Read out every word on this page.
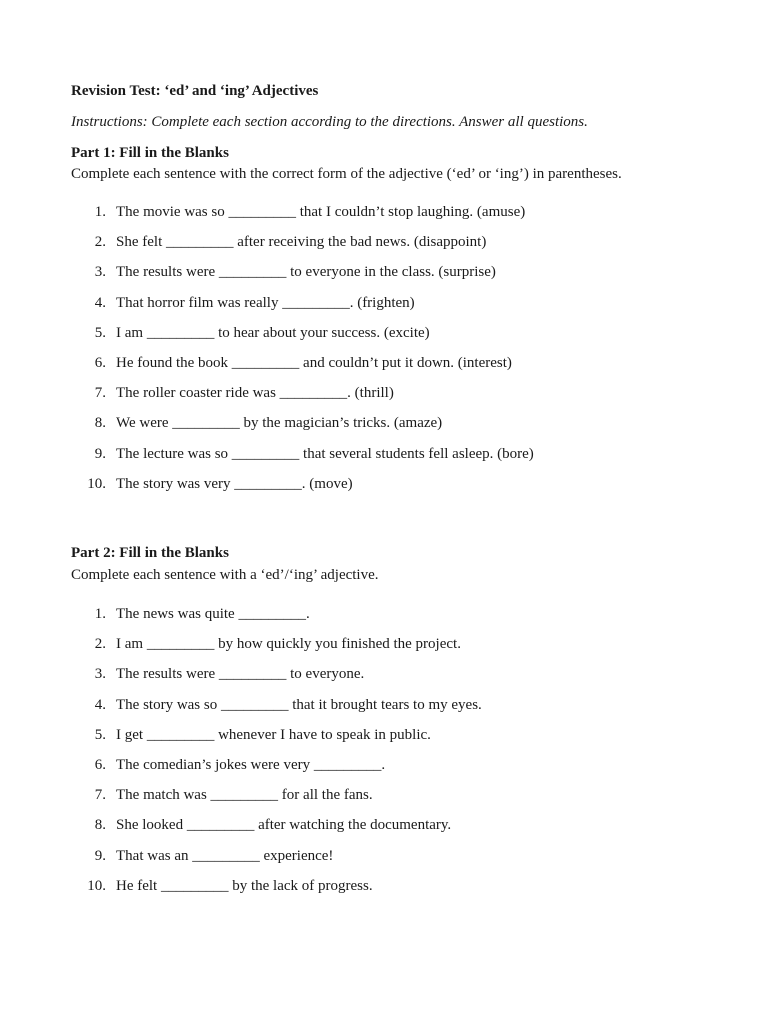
Revision Test: ‘ed’ and ‘ing’ Adjectives

Instructions: Complete each section according to the directions. Answer all questions.

Part 1: Fill in the Blanks

Complete each sentence with the correct form of the adjective (‘ed’ or ‘ing’) in parentheses.

1. The movie was so _________ that I couldn’t stop laughing. (amuse)
2. She felt _________ after receiving the bad news. (disappoint)
3. The results were _________ to everyone in the class. (surprise)
4. That horror film was really _________. (frighten)
5. I am _________ to hear about your success. (excite)
6. He found the book _________ and couldn’t put it down. (interest)
7. The roller coaster ride was _________. (thrill)
8. We were _________ by the magician’s tricks. (amaze)
9. The lecture was so _________ that several students fell asleep. (bore)
10. The story was very _________. (move)
Part 2: Fill in the Blanks

Complete each sentence with a ‘ed’/‘ing’ adjective.

1. The news was quite _________.
2. I am _________ by how quickly you finished the project.
3. The results were _________ to everyone.
4. The story was so _________ that it brought tears to my eyes.
5. I get _________ whenever I have to speak in public.
6. The comedian’s jokes were very _________.
7. The match was _________ for all the fans.
8. She looked _________ after watching the documentary.
9. That was an _________ experience!
10. He felt _________ by the lack of progress.
